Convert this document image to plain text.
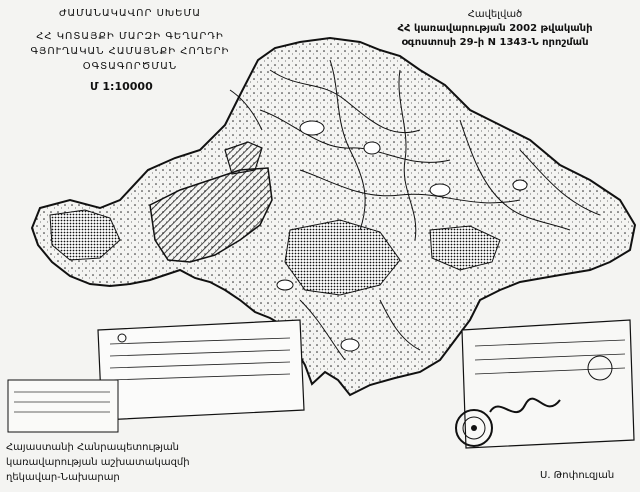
ԺԱՄԱՆԱԿԱՎՈՐ ՍԽԵՄԱ
ՀՀ ԿՈՏԱՅՔԻ ՄԱՐԶԻ ԳԵՂԱՐԴԻ
ԳՅՈՒՂԱԿԱՆ ՀԱՄԱՅՆՔԻ ՀՈՂԵՐԻ
ՕԳՏԱԳՈՐԾՄԱՆ
Մ 1:10000
Հավելված
ՀՀ կառավարության 2002 թվականի
օգոստոսի 29-ի N 1343-Ն որոշման
Հայաստանի Հանրապետության
կառավարության աշխատակազմի
ղեկավար-Նախարար	Ս. Թոփուզյան
